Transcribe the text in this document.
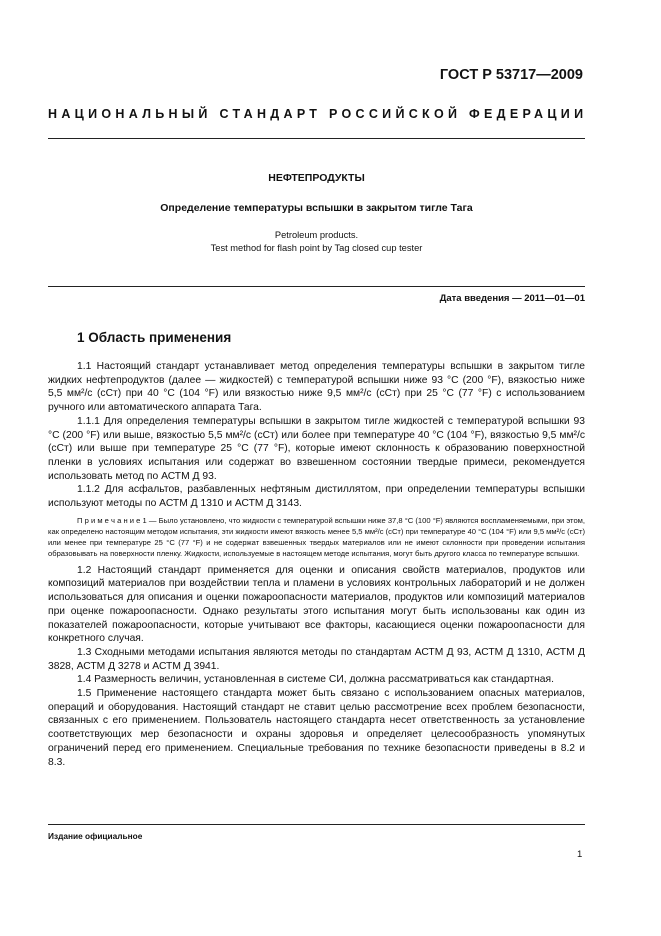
ГОСТ Р 53717—2009
НАЦИОНАЛЬНЫЙ СТАНДАРТ РОССИЙСКОЙ ФЕДЕРАЦИИ
НЕФТЕПРОДУКТЫ
Определение температуры вспышки в закрытом тигле Тага
Petroleum products.
Test method for flash point by Tag closed cup tester
Дата введения — 2011—01—01
1 Область применения

1.1 Настоящий стандарт устанавливает метод определения температуры вспышки в закрытом тигле жидких нефтепродуктов (далее — жидкостей) с температурой вспышки ниже 93 °C (200 °F), вязкостью ниже 5,5 мм²/с (сСт) при 40 °C (104 °F) или вязкостью ниже 9,5 мм²/с (сСт) при 25 °C (77 °F) с использованием ручного или автоматического аппарата Тага.

1.1.1 Для определения температуры вспышки в закрытом тигле жидкостей с температурой вспышки 93 °C (200 °F) или выше, вязкостью 5,5 мм²/с (сСт) или более при температуре 40 °C (104 °F), вязкостью 9,5 мм²/с (сСт) или выше при температуре 25 °C (77 °F), которые имеют склонность к образованию поверхностной пленки в условиях испытания или содержат во взвешенном состоянии твердые примеси, рекомендуется использовать метод по АСТМ Д 93.

1.1.2 Для асфальтов, разбавленных нефтяным дистиллятом, при определении температуры вспышки используют методы по АСТМ Д 1310 и АСТМ Д 3143.

П р и м е ч а н и е 1 — Было установлено, что жидкости с температурой вспышки ниже 37,8 °C (100 °F) являются воспламеняемыми, при этом, как определено настоящим методом испытания, эти жидкости имеют вязкость менее 5,5 мм²/с (сСт) при температуре 40 °C (104 °F) или 9,5 мм²/с (сСт) или менее при температуре 25 °C (77 °F) и не содержат взвешенных твердых материалов или не имеют склонности при проведении испытания образовывать на поверхности пленку. Жидкости, используемые в настоящем методе испытания, могут быть другого класса по температуре вспышки.

1.2 Настоящий стандарт применяется для оценки и описания свойств материалов, продуктов или композиций материалов при воздействии тепла и пламени в условиях контрольных лабораторий и не должен использоваться для описания и оценки пожароопасности материалов, продуктов или композиций материалов при оценке пожароопасности. Однако результаты этого испытания могут быть использованы как один из показателей пожароопасности, которые учитывают все факторы, касающиеся оценки пожароопасности для конкретного случая.

1.3 Сходными методами испытания являются методы по стандартам АСТМ Д 93, АСТМ Д 1310, АСТМ Д 3828, АСТМ Д 3278 и АСТМ Д 3941.

1.4 Размерность величин, установленная в системе СИ, должна рассматриваться как стандартная.

1.5 Применение настоящего стандарта может быть связано с использованием опасных материалов, операций и оборудования. Настоящий стандарт не ставит целью рассмотрение всех проблем безопасности, связанных с его применением. Пользователь настоящего стандарта несет ответственность за установление соответствующих мер безопасности и охраны здоровья и определяет целесообразность упомянутых ограничений перед его применением. Специальные требования по технике безопасности приведены в 8.2 и 8.3.

Издание официальное
1
